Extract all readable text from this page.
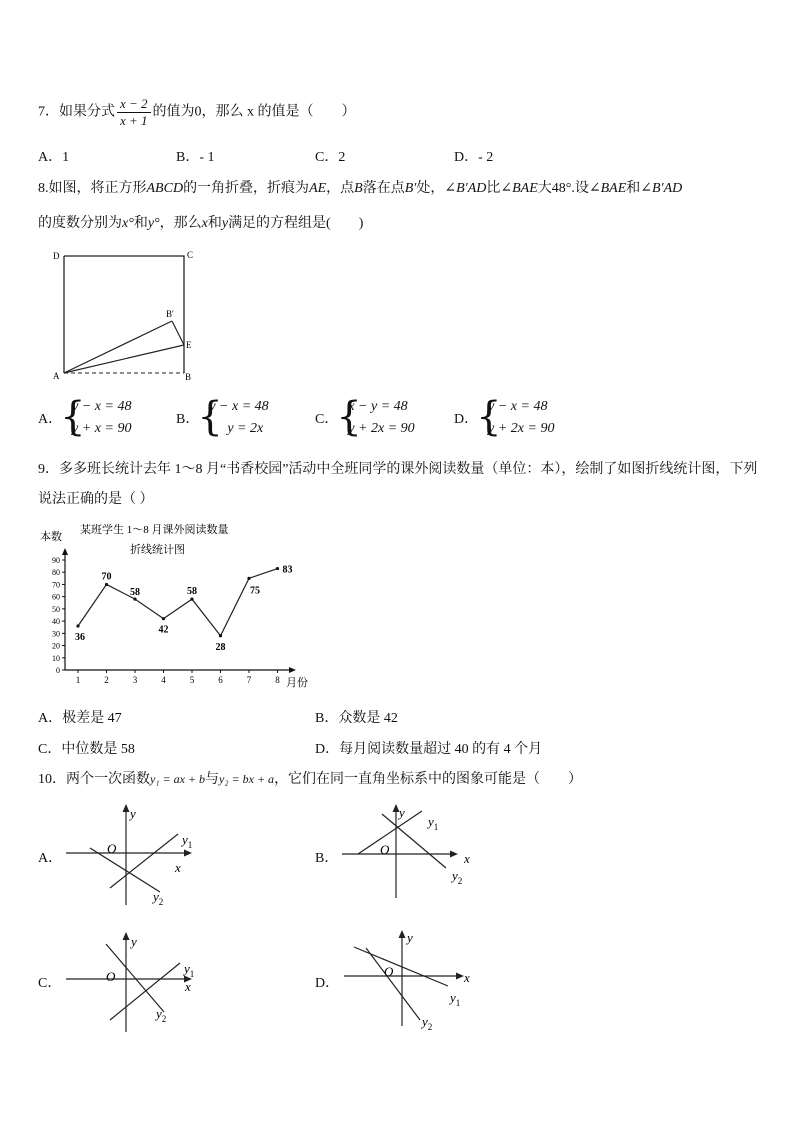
7．如果分式 $\frac{x - 2}{x + 1}$ 的值为0，那么 x 的值是（　　）
A．1	B．- 1	C．2	D．- 2
8.如图，将正方形ABCD的一角折叠，折痕为AE，点B落在点B′处，∠B′AD比∠BAE大48°.设∠BAE和∠B′AD
的度数分别为x°和y°，那么x和y满足的方程组是(　　)
D	C
B'
E
A	B
A．
{
y − x = 48
y + x = 90
B．
{
y − x = 48
y = 2x
C．
{
x − y = 48
y + 2x = 90
D．
{
y − x = 48
y + 2x = 90
9．多多班长统计去年 1～8 月“书香校园”活动中全班同学的课外阅读数量（单位：本），绘制了如图折线统计图，下列
说法正确的是（ ）
本数
某班学生 1～8 月课外阅读数量
折线统计图
月份
0
10
20
30
40
50
60
70
80
90
1	2	3	4	5	6	7	8
36
70
58
42
58
28
75
83
A．极差是 47	B．众数是 42
C．中位数是 58	D．每月阅读数量超过 40 的有 4 个月
10．两个一次函数y₁ = ax + b与y₂ = bx + a，它们在同一直角坐标系中的图象可能是（　　）
A．
y
x
O
$y_1$
$y_2$
B．
y
x
O
$y_1$
$y_2$
C．
y
x
O
$y_1$
$y_2$
D．
y
x
O
$y_1$
$y_2$
